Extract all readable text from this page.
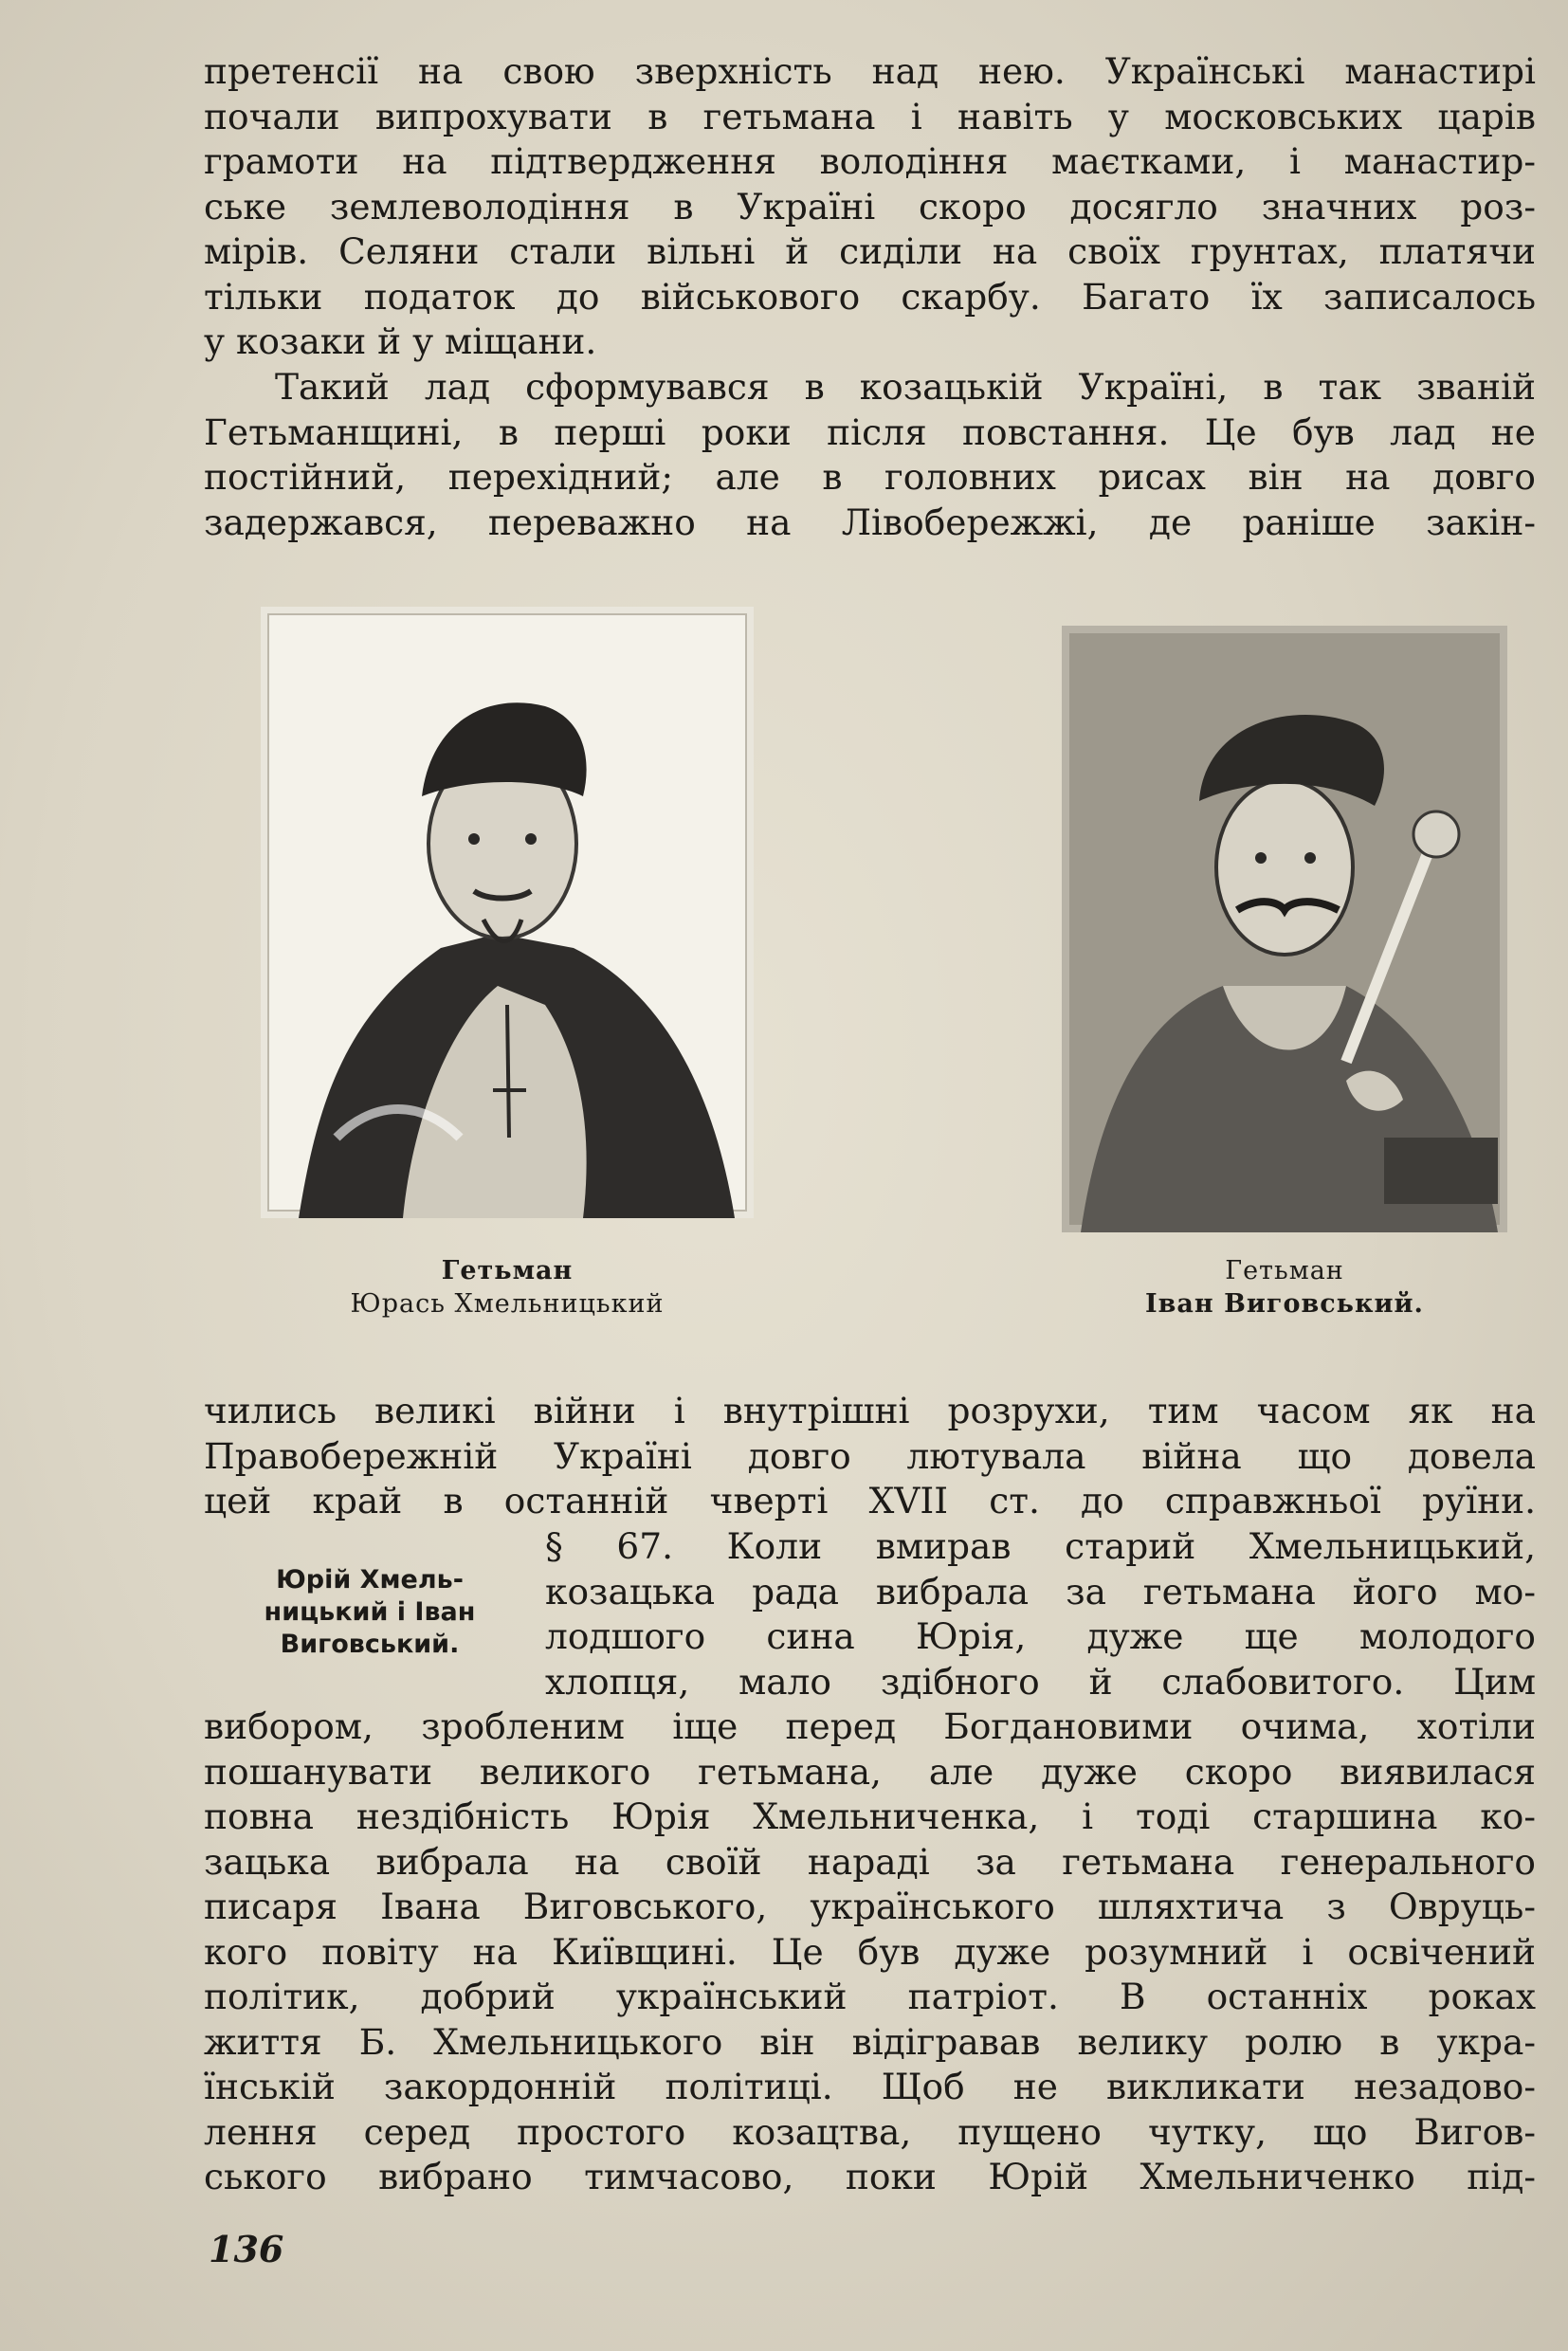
претенсії на свою зверхність над нею. Українські манастирі
почали випрохувати в гетьмана і навіть у московських царів
грамоти на підтвердження володіння маєтками, і манастир-
ське землеволодіння в Україні скоро досягло значних роз-
мірів. Селяни стали вільні й сиділи на своїх грунтах, платячи
тільки податок до військового скарбу. Багато їх записалось
у козаки й у міщани.
Такий лад сформувався в козацькій Україні, в так званій
Гетьманщині, в перші роки після повстання. Це був лад не
постійний, перехідний; але в головних рисах він на довго
задержався, переважно на Лівобережжі, де раніше закін-
Гетьман
Юрась Хмельницький
Гетьман
Іван Виговський.
чились великі війни і внутрішні розрухи, тим часом як на
Правобережній Україні довго лютувала війна що довела
цей край в останній чверті XVII ст. до справжньої руїни.
Юрій Хмель-
ницький і Іван
Виговський.
§ 67. Коли вмирав старий Хмельницький,
козацька рада вибрала за гетьмана його мо-
лодшого сина Юрія, дуже ще молодого
хлопця, мало здібного й слабовитого. Цим
вибором, зробленим іще перед Богдановими очима, хотіли
пошанувати великого гетьмана, але дуже скоро виявилася
повна нездібність Юрія Хмельниченка, і тоді старшина ко-
зацька вибрала на своїй нараді за гетьмана генерального
писаря Івана Виговського, українського шляхтича з Овруць-
кого повіту на Київщині. Це був дуже розумний і освічений
політик, добрий український патріот. В останніх роках
життя Б. Хмельницького він відігравав велику ролю в укра-
їнській закордонній політиці. Щоб не викликати незадово-
лення серед простого козацтва, пущено чутку, що Вигов-
ського вибрано тимчасово, поки Юрій Хмельниченко під-
136
